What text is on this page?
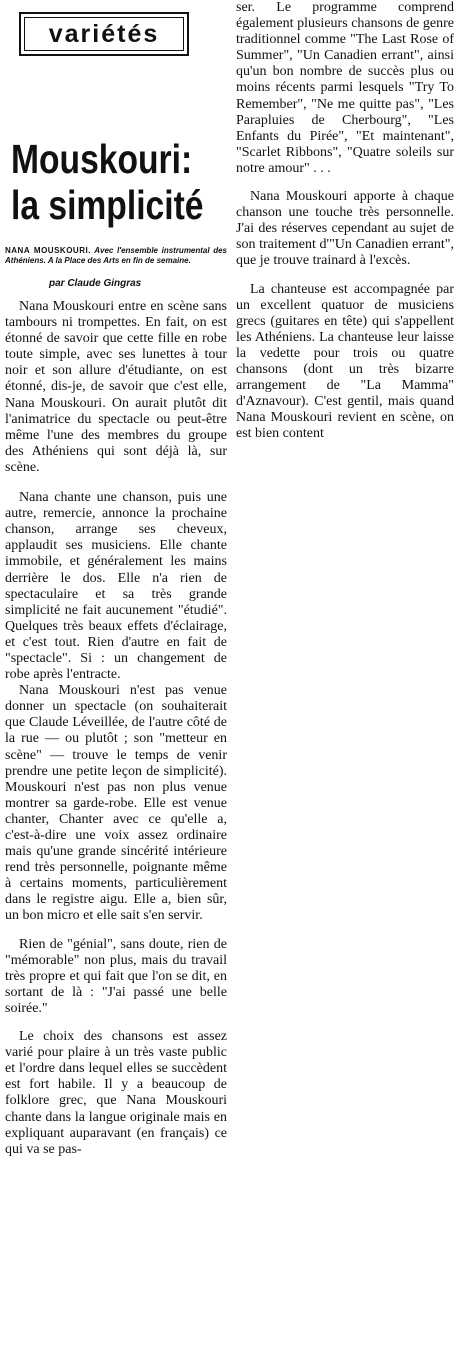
variétés
Mouskouri:
la simplicité
NANA MOUSKOURI. Avec l'ensemble instrumental des Athéniens. A la Place des Arts en fin de semaine.
par Claude Gingras

Nana Mouskouri entre en scène sans tambours ni trompettes. En fait, on est étonné de savoir que cette fille en robe toute simple, avec ses lunettes à tour noir et son allure d'étudiante, on est étonné, dis-je, de savoir que c'est elle, Nana Mouskouri. On aurait plutôt dit l'animatrice du spectacle ou peut-être même l'une des membres du groupe des Athéniens qui sont déjà là, sur scène.

Nana chante une chanson, puis une autre, remercie, annonce la prochaine chanson, arrange ses cheveux, applaudit ses musiciens. Elle chante immobile, et généralement les mains derrière le dos. Elle n'a rien de spectaculaire et sa très grande simplicité ne fait aucunement "étudié". Quelques très beaux effets d'éclairage, et c'est tout. Rien d'autre en fait de "spectacle". Si : un changement de robe après l'entracte.

Nana Mouskouri n'est pas venue donner un spectacle (on souhaiterait que Claude Léveillée, de l'autre côté de la rue — ou plutôt ; son "metteur en scène" — trouve le temps de venir prendre une petite leçon de simplicité). Mouskouri n'est pas non plus venue montrer sa garde-robe. Elle est venue chanter, Chanter avec ce qu'elle a, c'est-à-dire une voix assez ordinaire mais qu'une grande sincérité intérieure rend très personnelle, poignante même à certains moments, particulièrement dans le registre aigu. Elle a, bien sûr, un bon micro et elle sait s'en servir.

Rien de "génial", sans doute, rien de "mémorable" non plus, mais du travail très propre et qui fait que l'on se dit, en sortant de là : "J'ai passé une belle soirée."

Le choix des chansons est assez varié pour plaire à un très vaste public et l'ordre dans lequel elles se succèdent est fort habile. Il y a beaucoup de folklore grec, que Nana Mouskouri chante dans la langue originale mais en expliquant auparavant (en français) ce qui va se pas-

ser. Le programme comprend également plusieurs chansons de genre traditionnel comme "The Last Rose of Summer", "Un Canadien errant", ainsi qu'un bon nombre de succès plus ou moins récents parmi lesquels "Try To Remember", "Ne me quitte pas", "Les Parapluies de Cherbourg", "Les Enfants du Pirée", "Et maintenant", "Scarlet Ribbons", "Quatre soleils sur notre amour" . . .

Nana Mouskouri apporte à chaque chanson une touche très personnelle. J'ai des réserves cependant au sujet de son traitement d'"Un Canadien errant", que je trouve trainard à l'excès.

La chanteuse est accompagnée par un excellent quatuor de musiciens grecs (guitares en tête) qui s'appellent les Athéniens. La chanteuse leur laisse la vedette pour trois ou quatre chansons (dont un très bizarre arrangement de "La Mamma" d'Aznavour). C'est gentil, mais quand Nana Mouskouri revient en scène, on est bien content
